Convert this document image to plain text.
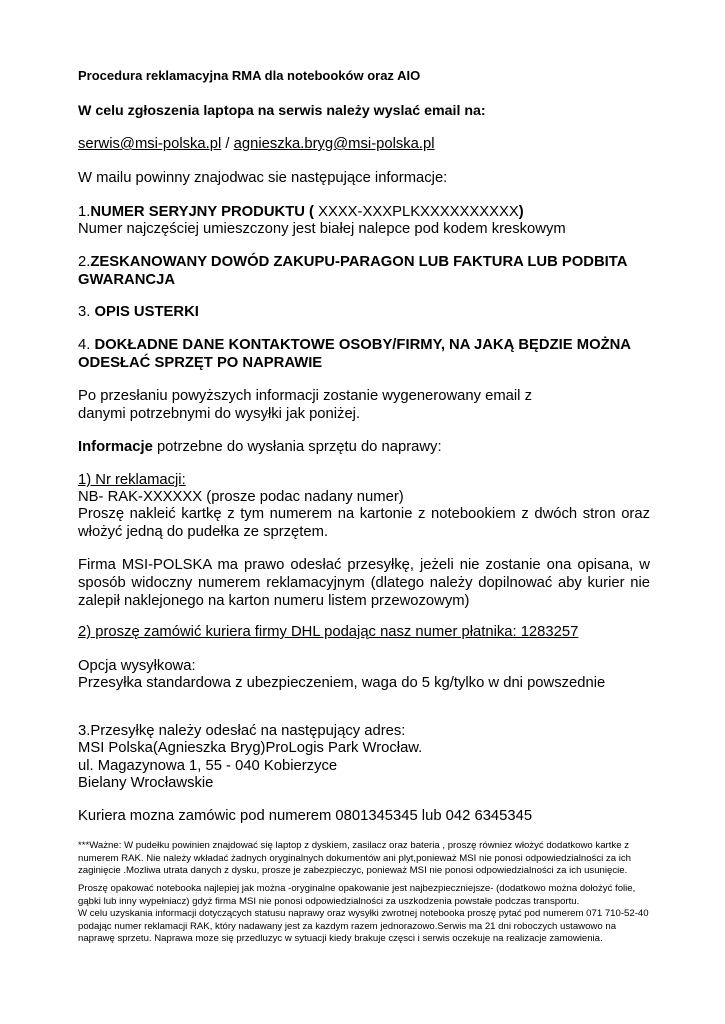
Procedura reklamacyjna RMA dla notebooków oraz AIO
W celu zgłoszenia laptopa na serwis należy wyslać email na:
serwis@msi-polska.pl / agnieszka.bryg@msi-polska.pl
W mailu powinny znajodwac sie następujące informacje:
1.NUMER SERYJNY PRODUKTU ( XXXX-XXXPLKXXXXXXXXXX)
Numer najczęściej umieszczony jest białej nalepce pod kodem kreskowym
2.ZESKANOWANY DOWÓD ZAKUPU-PARAGON LUB FAKTURA LUB PODBITA GWARANCJA
3. OPIS USTERKI
4. DOKŁADNE DANE KONTAKTOWE OSOBY/FIRMY, NA JAKĄ BĘDZIE MOŻNA ODESŁAĆ SPRZĘT PO NAPRAWIE
Po przesłaniu powyższych informacji zostanie wygenerowany email z danymi potrzebnymi do wysyłki jak poniżej.
Informacje potrzebne do wysłania sprzętu do naprawy:
1) Nr reklamacji:
NB- RAK-XXXXXX (prosze podac nadany numer)
Proszę nakleić kartkę z tym numerem na kartonie z notebookiem z dwóch stron oraz włożyć jedną do pudełka ze sprzętem.
Firma MSI-POLSKA ma prawo odesłać przesyłkę, jeżeli nie zostanie ona opisana, w sposób widoczny numerem reklamacyjnym (dlatego należy dopilnować aby kurier nie zalepił naklejonego na karton numeru listem przewozowym)
2) proszę zamówić kuriera firmy DHL podając nasz numer płatnika: 1283257
Opcja wysyłkowa:
Przesyłka standardowa z ubezpieczeniem, waga do 5 kg/tylko w dni powszednie
3.Przesyłkę należy odesłać na następujący adres:
MSI Polska(Agnieszka Bryg)ProLogis Park Wrocław.
ul. Magazynowa 1, 55 - 040 Kobierzyce
Bielany Wrocławskie
Kuriera mozna zamówic pod numerem 0801345345 lub 042 6345345
***Ważne: W pudełku powinien znajdować się laptop z dyskiem, zasilacz oraz bateria , proszę równiez włożyć dodatkowo kartke z numerem RAK. Nie należy wkładać żadnych oryginalnych dokumentów ani plyt,ponieważ MSI nie ponosi odpowiedzialności za ich zaginięcie .Mozliwa utrata danych z dysku, prosze je zabezpieczyc, ponieważ MSI nie ponosi odpowiedzialności za ich usunięcie.

Proszę opakować notebooka najlepiej jak można -oryginalne opakowanie jest najbezpieczniejsze- (dodatkowo można dołożyć folie, gąbki lub inny wypełniacz) gdyż firma MSI nie ponosi odpowiedzialności za uszkodzenia powstałe podczas transportu.

W celu uzyskania informacji dotyczących statusu naprawy oraz wysyłki zwrotnej notebooka proszę pytać pod numerem 071 710-52-40 podając numer reklamacji RAK, który nadawany jest za kazdym razem jednorazowo.Serwis ma 21 dni roboczych ustawowo na naprawę sprzetu. Naprawa moze się przedluzyc w sytuacji kiedy brakuje częsci i serwis oczekuje na realizacje zamowienia.
